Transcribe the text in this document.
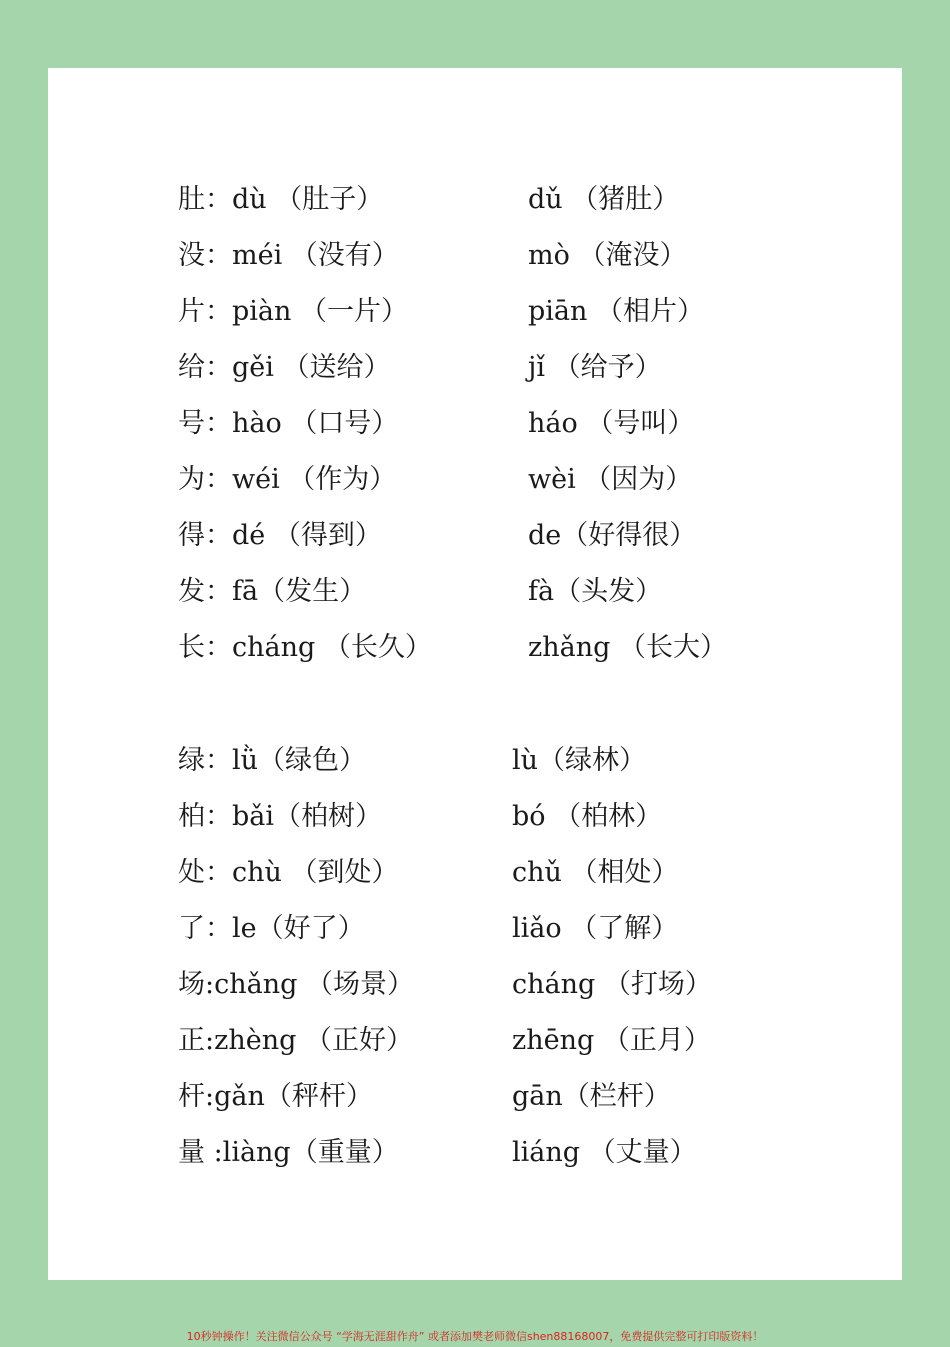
肚：dù （肚子）	dǔ （猪肚）
没：méi （没有）	mò （淹没）
片：piàn （一片）	piān （相片）
给：gěi （送给）	jǐ （给予）
号：hào （口号）	háo （号叫）
为：wéi （作为）	wèi （因为）
得：dé （得到）	de（好得很）
发：fā（发生）	fà（头发）
长：cháng （长久）	zhǎng （长大）
绿：lǜ（绿色）	lù（绿林）
柏：bǎi（柏树）	bó （柏林）
处：chù （到处）	chǔ （相处）
了：le（好了）	liǎo （了解）
场:chǎng （场景）	cháng （打场）
正:zhèng （正好）	zhēng （正月）
杆:gǎn（秤杆）	gān（栏杆）
量 :liàng（重量）	liáng （丈量）
10秒钟操作！关注微信公众号 “学海无涯甜作舟” 或者添加樊老师微信shen88168007，免费提供完整可打印版资料！
